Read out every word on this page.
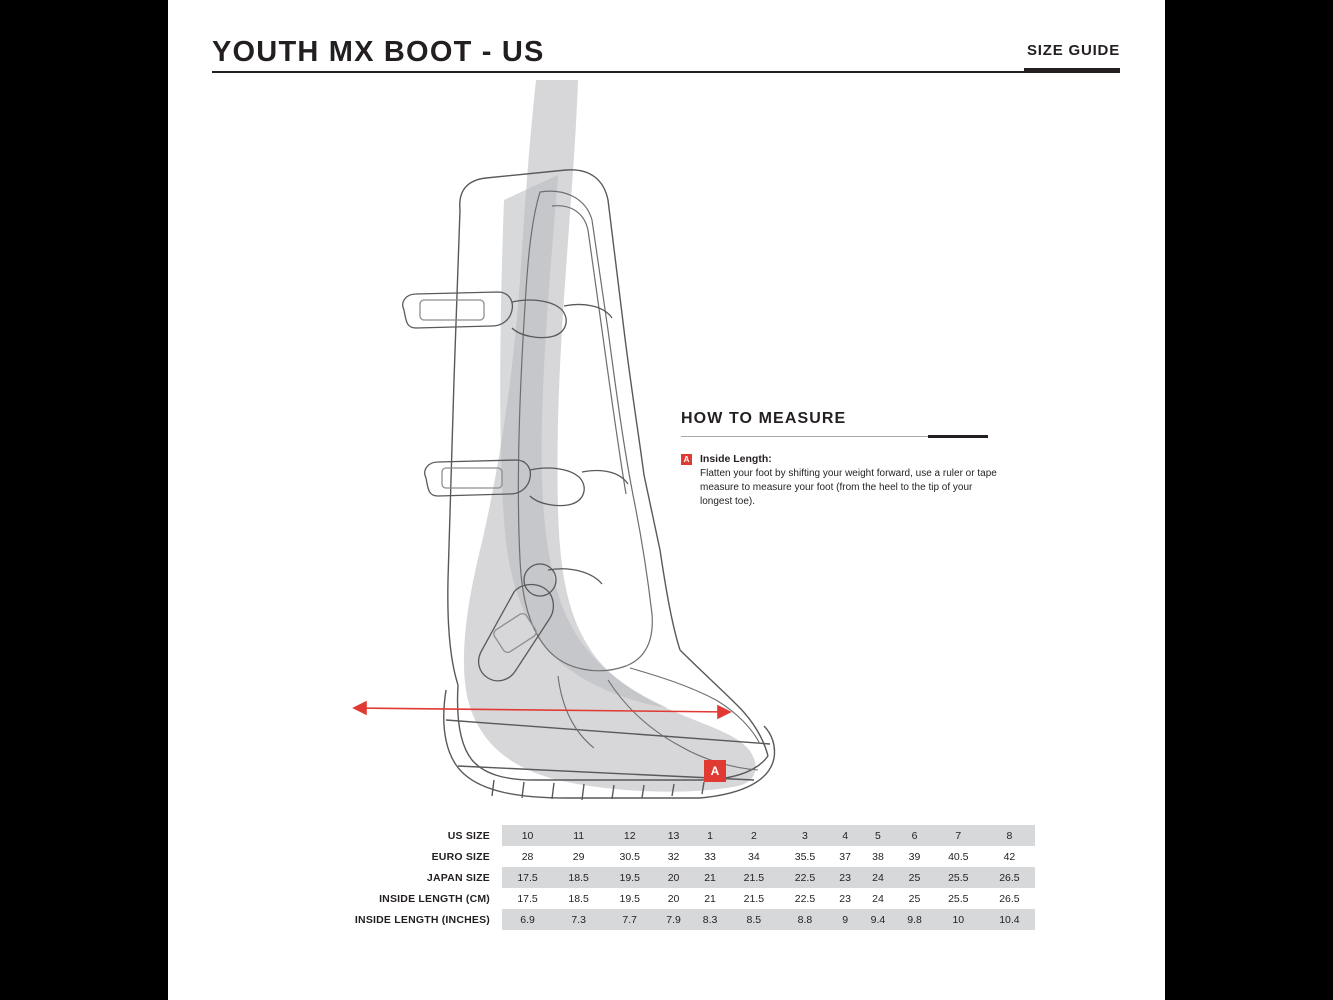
YOUTH MX BOOT - US	SIZE GUIDE
A
HOW TO MEASURE
A Inside Length:

Flatten your foot by shifting your weight forward, use a ruler or tape measure to measure your foot (from the heel to the tip of your longest toe).

US SIZE	10	11	12	13	1	2	3	4	5	6	7	8
EURO SIZE	28	29	30.5	32	33	34	35.5	37	38	39	40.5	42
JAPAN SIZE	17.5	18.5	19.5	20	21	21.5	22.5	23	24	25	25.5	26.5
INSIDE LENGTH (CM)	17.5	18.5	19.5	20	21	21.5	22.5	23	24	25	25.5	26.5
INSIDE LENGTH (INCHES)	6.9	7.3	7.7	7.9	8.3	8.5	8.8	9	9.4	9.8	10	10.4
